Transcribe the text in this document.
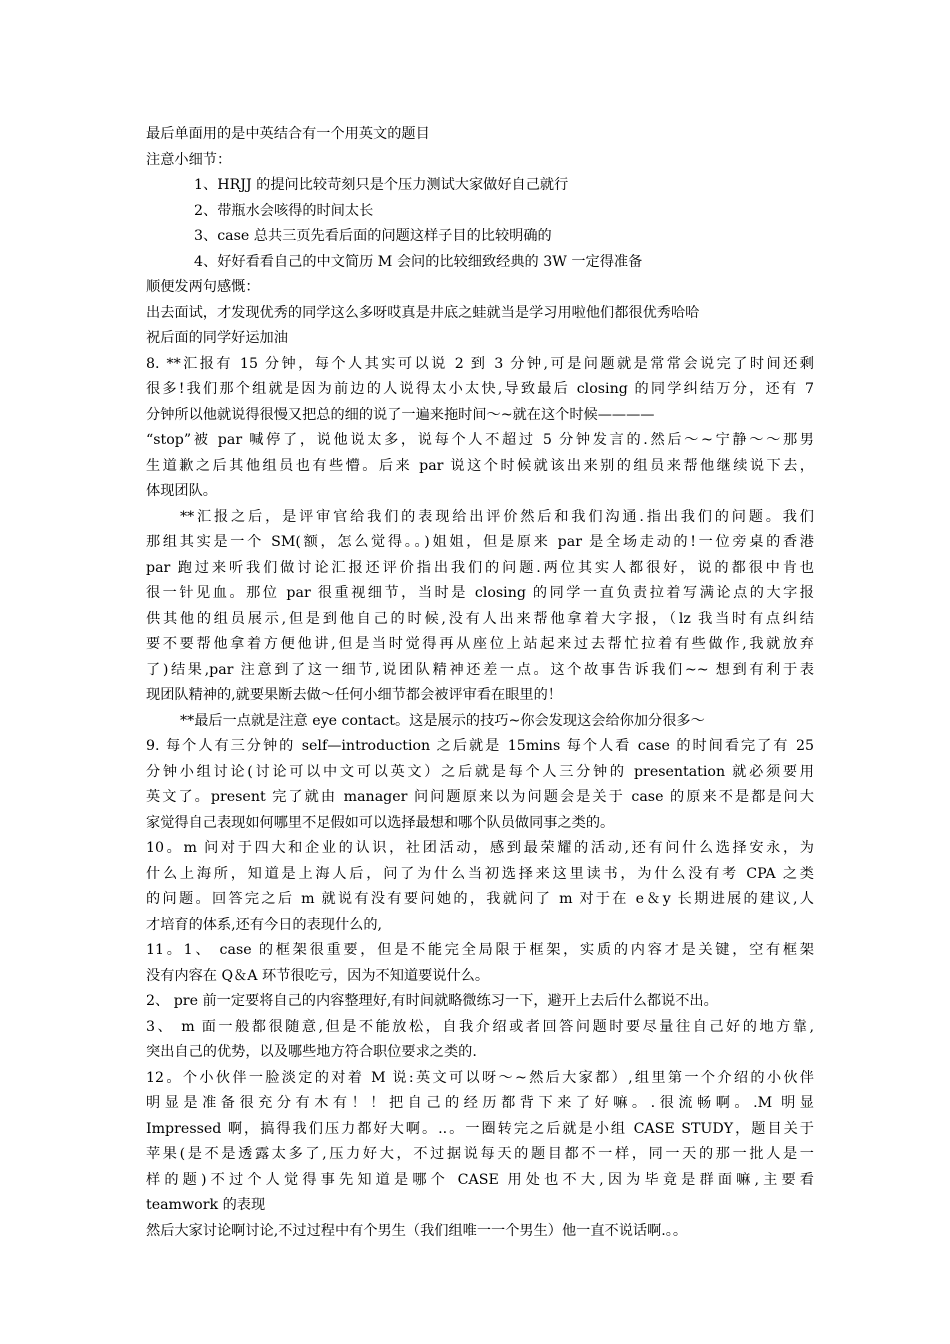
最后单面用的是中英结合有一个用英文的题目
注意小细节：
1、HRJJ 的提问比较苛刻只是个压力测试大家做好自己就行
2、带瓶水会咳得的时间太长
3、case 总共三页先看后面的问题这样子目的比较明确的
4、好好看看自己的中文简历 M 会问的比较细致经典的 3W 一定得准备
顺便发两句感慨：
出去面试，才发现优秀的同学这么多呀哎真是井底之蛙就当是学习用啦他们都很优秀哈哈
祝后面的同学好运加油
8. **汇报有 15 分钟，每个人其实可以说 2 到 3 分钟,可是问题就是常常会说完了时间还剩
很多!我们那个组就是因为前边的人说得太小太快,导致最后 closing 的同学纠结万分，还有 7
分钟所以他就说得很慢又把总的细的说了一遍来拖时间～~就在这个时候————
“stop”被 par 喊停了，说他说太多，说每个人不超过 5 分钟发言的.然后～~宁静～～那男
生道歉之后其他组员也有些懵。后来 par 说这个时候就该出来别的组员来帮他继续说下去，
体现团队。
**汇报之后，是评审官给我们的表现给出评价然后和我们沟通.指出我们的问题。我们
那组其实是一个 SM(额，怎么觉得。。)姐姐，但是原来 par 是全场走动的!一位旁桌的香港
par 跑过来听我们做讨论汇报还评价指出我们的问题.两位其实人都很好，说的都很中肯也
很一针见血。那位 par 很重视细节，当时是 closing 的同学一直负责拉着写满论点的大字报
供其他的组员展示,但是到他自己的时候,没有人出来帮他拿着大字报，（lz 我当时有点纠结
要不要帮他拿着方便他讲,但是当时觉得再从座位上站起来过去帮忙拉着有些做作,我就放弃
了)结果,par 注意到了这一细节,说团队精神还差一点。这个故事告诉我们~~ 想到有利于表
现团队精神的,就要果断去做～任何小细节都会被评审看在眼里的！
**最后一点就是注意 eye contact。这是展示的技巧~你会发现这会给你加分很多～
9. 每个人有三分钟的 self—introduction 之后就是 15mins 每个人看 case 的时间看完了有 25
分钟小组讨论(讨论可以中文可以英文）之后就是每个人三分钟的 presentation 就必须要用
英文了。present 完了就由 manager 问问题原来以为问题会是关于 case 的原来不是都是问大
家觉得自己表现如何哪里不足假如可以选择最想和哪个队员做同事之类的。
10。m 问对于四大和企业的认识，社团活动，感到最荣耀的活动,还有问什么选择安永，为
什么上海所，知道是上海人后，问了为什么当初选择来这里读书，为什么没有考 CPA 之类
的问题。回答完之后 m 就说有没有要问她的，我就问了 m 对于在 e＆y 长期进展的建议,人
才培育的体系,还有今日的表现什么的,
11。1、 case 的框架很重要，但是不能完全局限于框架，实质的内容才是关键，空有框架
没有内容在 Q＆A 环节很吃亏，因为不知道要说什么。
2、 pre 前一定要将自己的内容整理好,有时间就略微练习一下，避开上去后什么都说不出。
3、 m 面一般都很随意,但是不能放松，自我介绍或者回答问题时要尽量往自己好的地方靠,
突出自己的优势，以及哪些地方符合职位要求之类的.
12。个小伙伴一脸淡定的对着 M 说:英文可以呀～~然后大家都）,组里第一个介绍的小伙伴
明显是准备很充分有木有！！把自己的经历都背下来了好嘛。.很流畅啊。.M 明显
Impressed 啊，搞得我们压力都好大啊。..。一圈转完之后就是小组 CASE STUDY，题目关于
苹果(是不是透露太多了,压力好大，不过据说每天的题目都不一样，同一天的那一批人是一
样的题)不过个人觉得事先知道是哪个 CASE 用处也不大,因为毕竟是群面嘛,主要看
teamwork 的表现
然后大家讨论啊讨论,不过过程中有个男生（我们组唯一一个男生）他一直不说话啊.。。
